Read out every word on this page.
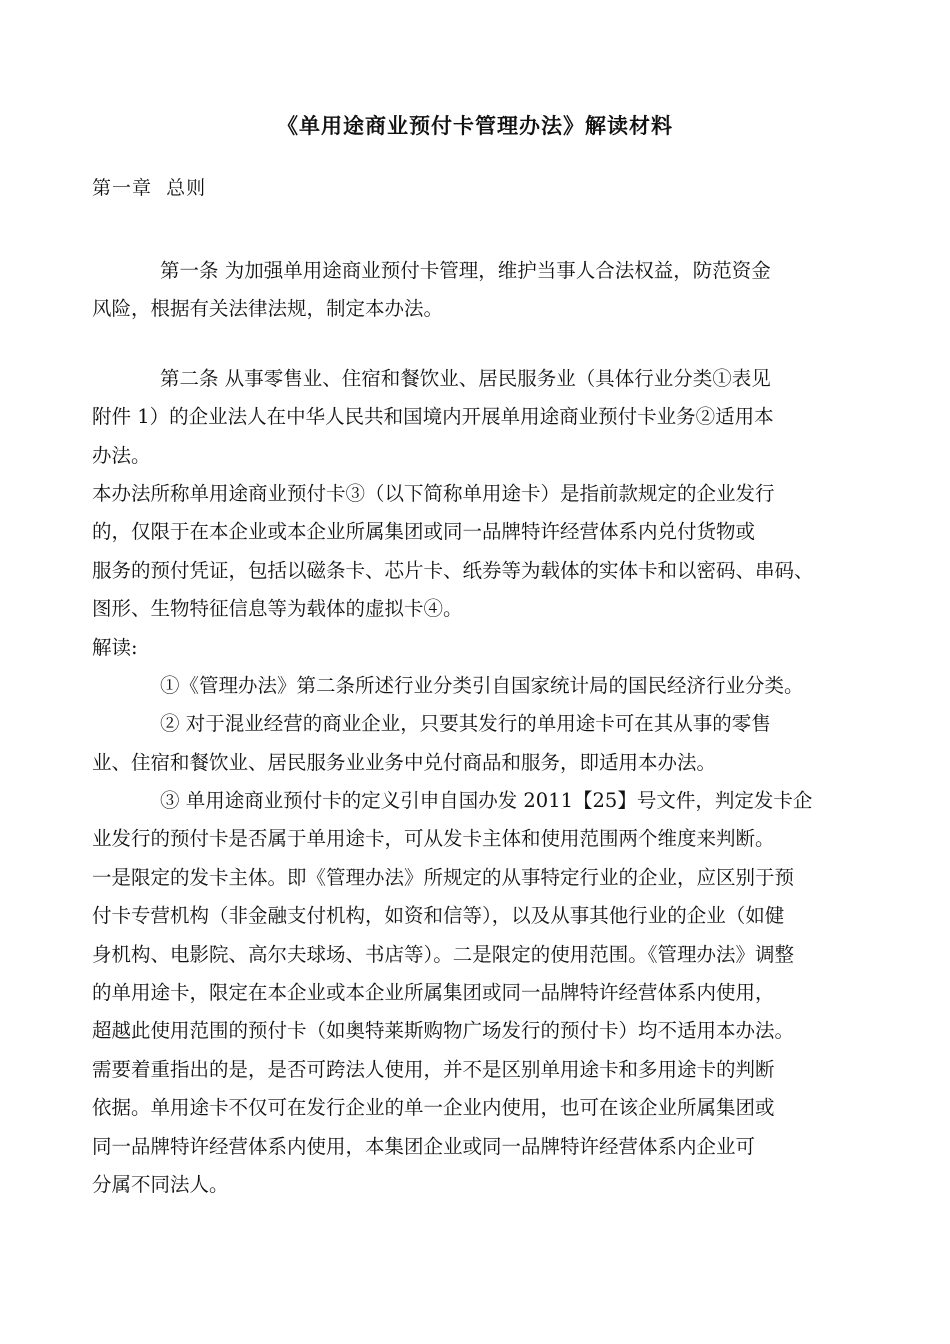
《单用途商业预付卡管理办法》解读材料
第一章  总则
第一条 为加强单用途商业预付卡管理，维护当事人合法权益，防范资金
风险，根据有关法律法规，制定本办法。
第二条 从事零售业、住宿和餐饮业、居民服务业（具体行业分类①表见
附件 1）的企业法人在中华人民共和国境内开展单用途商业预付卡业务②适用本
办法。
本办法所称单用途商业预付卡③（以下简称单用途卡）是指前款规定的企业发行
的，仅限于在本企业或本企业所属集团或同一品牌特许经营体系内兑付货物或
服务的预付凭证，包括以磁条卡、芯片卡、纸券等为载体的实体卡和以密码、串码、
图形、生物特征信息等为载体的虚拟卡④。
解读:
①《管理办法》第二条所述行业分类引自国家统计局的国民经济行业分类。
② 对于混业经营的商业企业，只要其发行的单用途卡可在其从事的零售
业、住宿和餐饮业、居民服务业业务中兑付商品和服务，即适用本办法。
③ 单用途商业预付卡的定义引申自国办发 2011【25】号文件，判定发卡企
业发行的预付卡是否属于单用途卡，可从发卡主体和使用范围两个维度来判断。
一是限定的发卡主体。即《管理办法》所规定的从事特定行业的企业，应区别于预
付卡专营机构（非金融支付机构，如资和信等），以及从事其他行业的企业（如健
身机构、电影院、高尔夫球场、书店等）。二是限定的使用范围。《管理办法》调整
的单用途卡，限定在本企业或本企业所属集团或同一品牌特许经营体系内使用，
超越此使用范围的预付卡（如奥特莱斯购物广场发行的预付卡）均不适用本办法。
需要着重指出的是，是否可跨法人使用，并不是区别单用途卡和多用途卡的判断
依据。单用途卡不仅可在发行企业的单一企业内使用，也可在该企业所属集团或
同一品牌特许经营体系内使用，本集团企业或同一品牌特许经营体系内企业可
分属不同法人。
